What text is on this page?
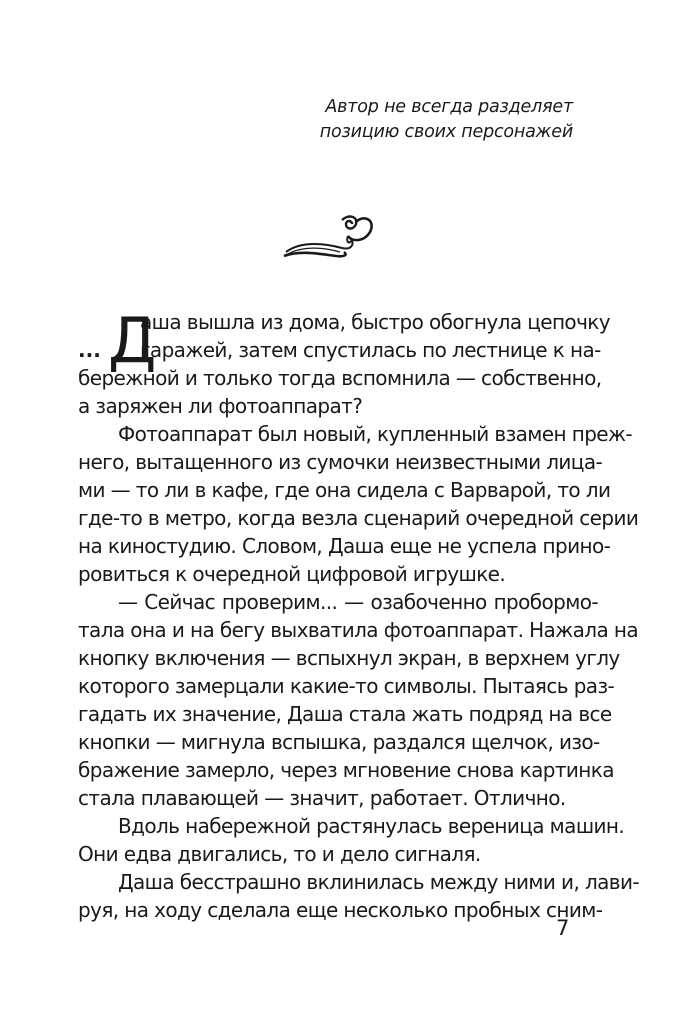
Автор не всегда разделяет
позицию своих персонажей
Д
аша вышла из дома, быстро обогнула цепочку
... гаражей, затем спустилась по лестнице к на-
бережной и только тогда вспомнила — собственно,
а заряжен ли фотоаппарат?
Фотоаппарат был новый, купленный взамен преж-
него, вытащенного из сумочки неизвестными лица-
ми — то ли в кафе, где она сидела с Варварой, то ли
где-то в метро, когда везла сценарий очередной серии
на киностудию. Словом, Даша еще не успела прино-
ровиться к очередной цифровой игрушке.
— Сейчас проверим... — озабоченно пробормо-
тала она и на бегу выхватила фотоаппарат. Нажала на
кнопку включения — вспыхнул экран, в верхнем углу
которого замерцали какие-то символы. Пытаясь раз-
гадать их значение, Даша стала жать подряд на все
кнопки — мигнула вспышка, раздался щелчок, изо-
бражение замерло, через мгновение снова картинка
стала плавающей — значит, работает. Отлично.
Вдоль набережной растянулась вереница машин.
Они едва двигались, то и дело сигналя.
Даша бесстрашно вклинилась между ними и, лави-
руя, на ходу сделала еще несколько пробных сним-
7
